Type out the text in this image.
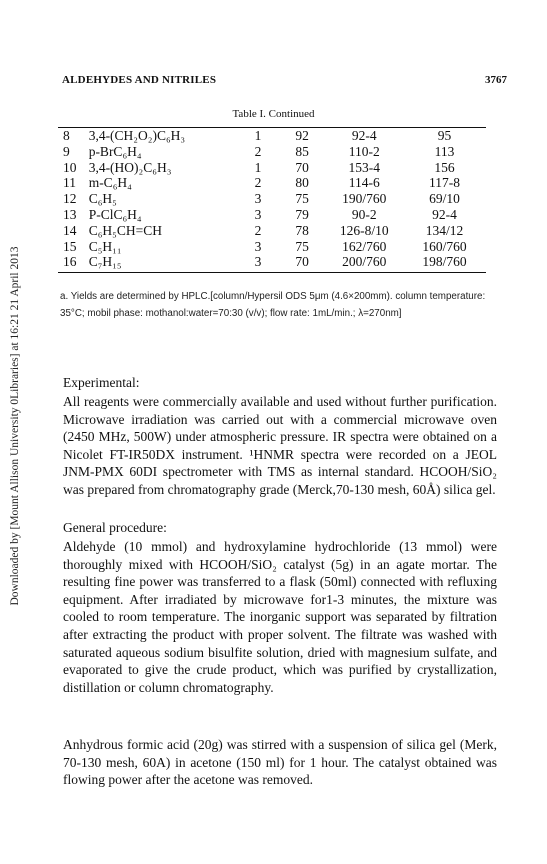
Downloaded by [Mount Allison University 0Libraries] at 16:21 21 April 2013
ALDEHYDES AND NITRILES	3767
Table I. Continued
8	3,4-(CH₂O₂)C₆H₃	1	92	92-4	95
9	p-BrC₆H₄	2	85	110-2	113
10	3,4-(HO)₂C₆H₃	1	70	153-4	156
11	m-C₆H₄	2	80	114-6	117-8
12	C₆H₅	3	75	190/760	69/10
13	P-ClC₆H₄	3	79	90-2	92-4
14	C₆H₅CH=CH	2	78	126-8/10	134/12
15	C₅H₁₁	3	75	162/760	160/760
16	C₇H₁₅	3	70	200/760	198/760
a. Yields are determined by HPLC.[column/Hypersil ODS 5μm (4.6×200mm). column temperature: 35°C; mobil phase: mothanol:water=70:30 (v/v); flow rate: 1mL/min.; λ=270nm]
Experimental:

All reagents were commercially available and used without further purification. Microwave irradiation was carried out with a commercial microwave oven (2450 MHz, 500W) under atmospheric pressure. IR spectra were obtained on a Nicolet FT-IR50DX instrument. ¹HNMR spectra were recorded on a JEOL JNM-PMX 60DI spectrometer with TMS as internal standard. HCOOH/SiO₂ was prepared from chromatography grade (Merck,70-130 mesh, 60Å) silica gel.

General procedure:

Aldehyde (10 mmol) and hydroxylamine hydrochloride (13 mmol) were thoroughly mixed with HCOOH/SiO₂ catalyst (5g) in an agate mortar. The resulting fine power was transferred to a flask (50ml) connected with refluxing equipment. After irradiated by microwave for1-3 minutes, the mixture was cooled to room temperature. The inorganic support was separated by filtration after extracting the product with proper solvent. The filtrate was washed with saturated aqueous sodium bisulfite solution, dried with magnesium sulfate, and evaporated to give the crude product, which was purified by crystallization, distillation or column chromatography.

Anhydrous formic acid (20g) was stirred with a suspension of silica gel (Merk, 70-130 mesh, 60A) in acetone (150 ml) for 1 hour. The catalyst obtained was flowing power after the acetone was removed.
